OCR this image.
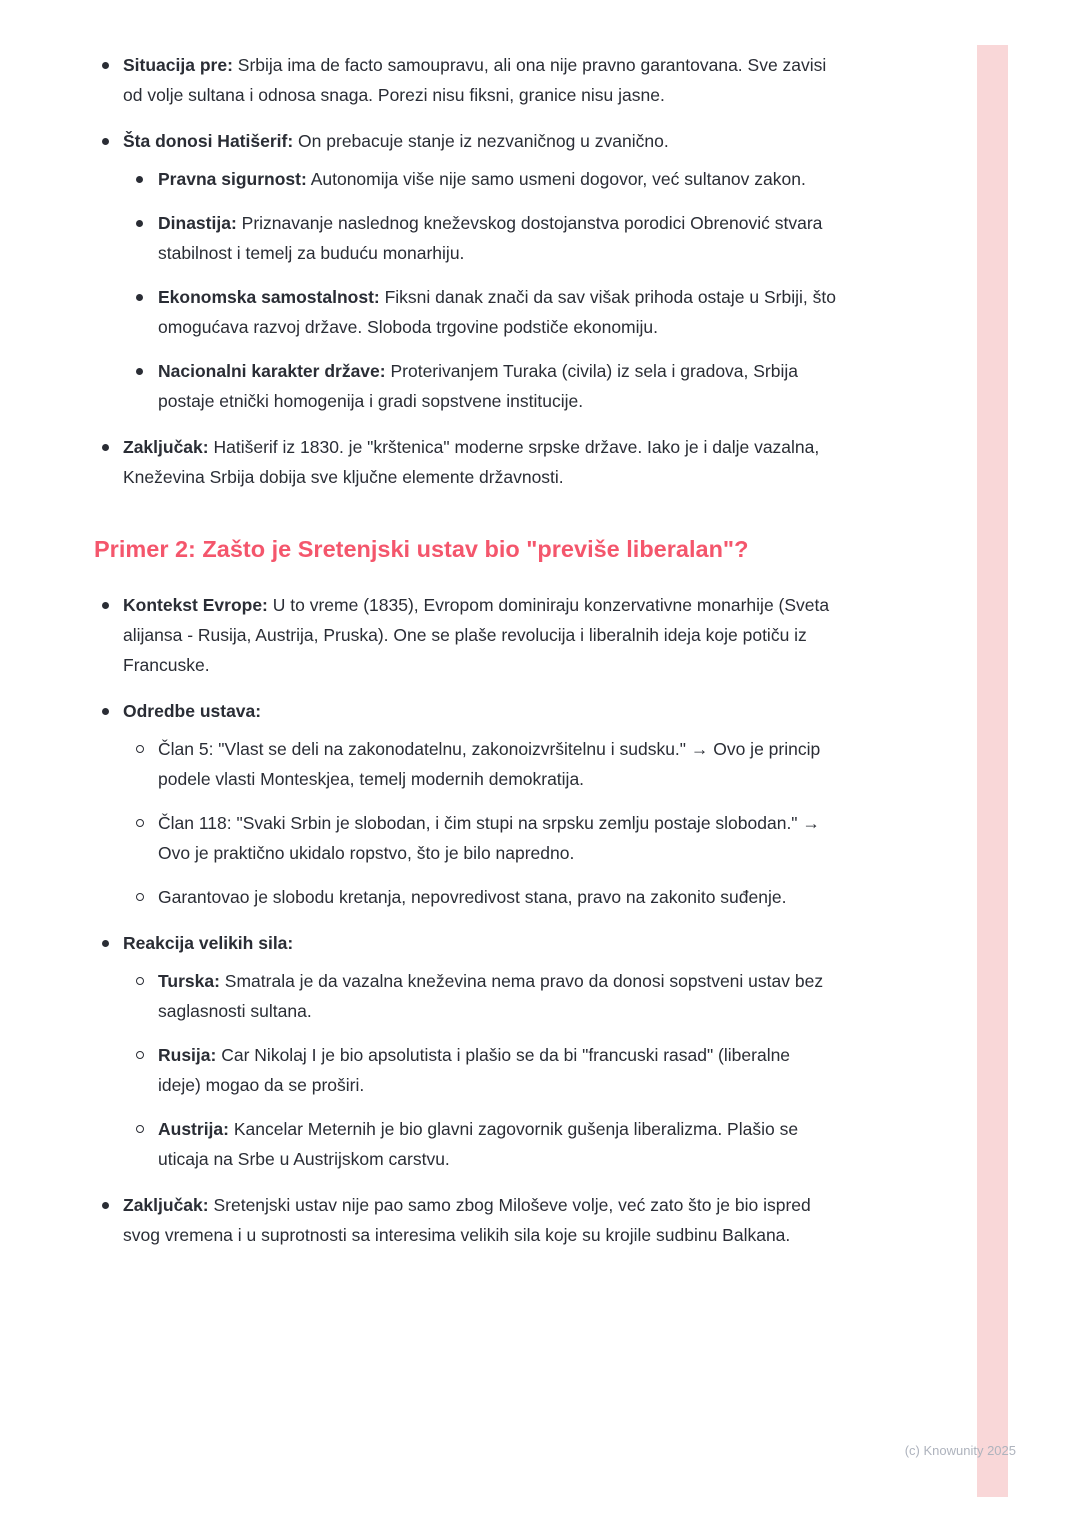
Situacija pre: Srbija ima de facto samoupravu, ali ona nije pravno garantovana. Sve zavisi od volje sultana i odnosa snaga. Porezi nisu fiksni, granice nisu jasne.
Šta donosi Hatišerif: On prebacuje stanje iz nezvaničnog u zvanično.
Pravna sigurnost: Autonomija više nije samo usmeni dogovor, već sultanov zakon.
Dinastija: Priznavanje naslednog kneževskog dostojanstva porodici Obrenović stvara stabilnost i temelj za buduću monarhiju.
Ekonomska samostalnost: Fiksni danak znači da sav višak prihoda ostaje u Srbiji, što omogućava razvoj države. Sloboda trgovine podstiče ekonomiju.
Nacionalni karakter države: Proterivanjem Turaka (civila) iz sela i gradova, Srbija postaje etnički homogenija i gradi sopstvene institucije.
Zaključak: Hatišerif iz 1830. je "krštenica" moderne srpske države. Iako je i dalje vazalna, Kneževina Srbija dobija sve ključne elemente državnosti.
Primer 2: Zašto je Sretenjski ustav bio "previše liberalan"?
Kontekst Evrope: U to vreme (1835), Evropom dominiraju konzervativne monarhije (Sveta alijansa - Rusija, Austrija, Pruska). One se plaše revolucija i liberalnih ideja koje potiču iz Francuske.
Odredbe ustava:
Član 5: "Vlast se deli na zakonodatelnu, zakonoizvršitelnu i sudsku." → Ovo je princip podele vlasti Monteskjea, temelj modernih demokratija.
Član 118: "Svaki Srbin je slobodan, i čim stupi na srpsku zemlju postaje slobodan." → Ovo je praktično ukidalo ropstvo, što je bilo napredno.
Garantovao je slobodu kretanja, nepovredivost stana, pravo na zakonito suđenje.
Reakcija velikih sila:
Turska: Smatrala je da vazalna kneževina nema pravo da donosi sopstveni ustav bez saglasnosti sultana.
Rusija: Car Nikolaj I je bio apsolutista i plašio se da bi "francuski rasad" (liberalne ideje) mogao da se proširi.
Austrija: Kancelar Meternih je bio glavni zagovornik gušenja liberalizma. Plašio se uticaja na Srbe u Austrijskom carstvu.
Zaključak: Sretenjski ustav nije pao samo zbog Miloševe volje, već zato što je bio ispred svog vremena i u suprotnosti sa interesima velikih sila koje su krojile sudbinu Balkana.
(c) Knowunity 2025
